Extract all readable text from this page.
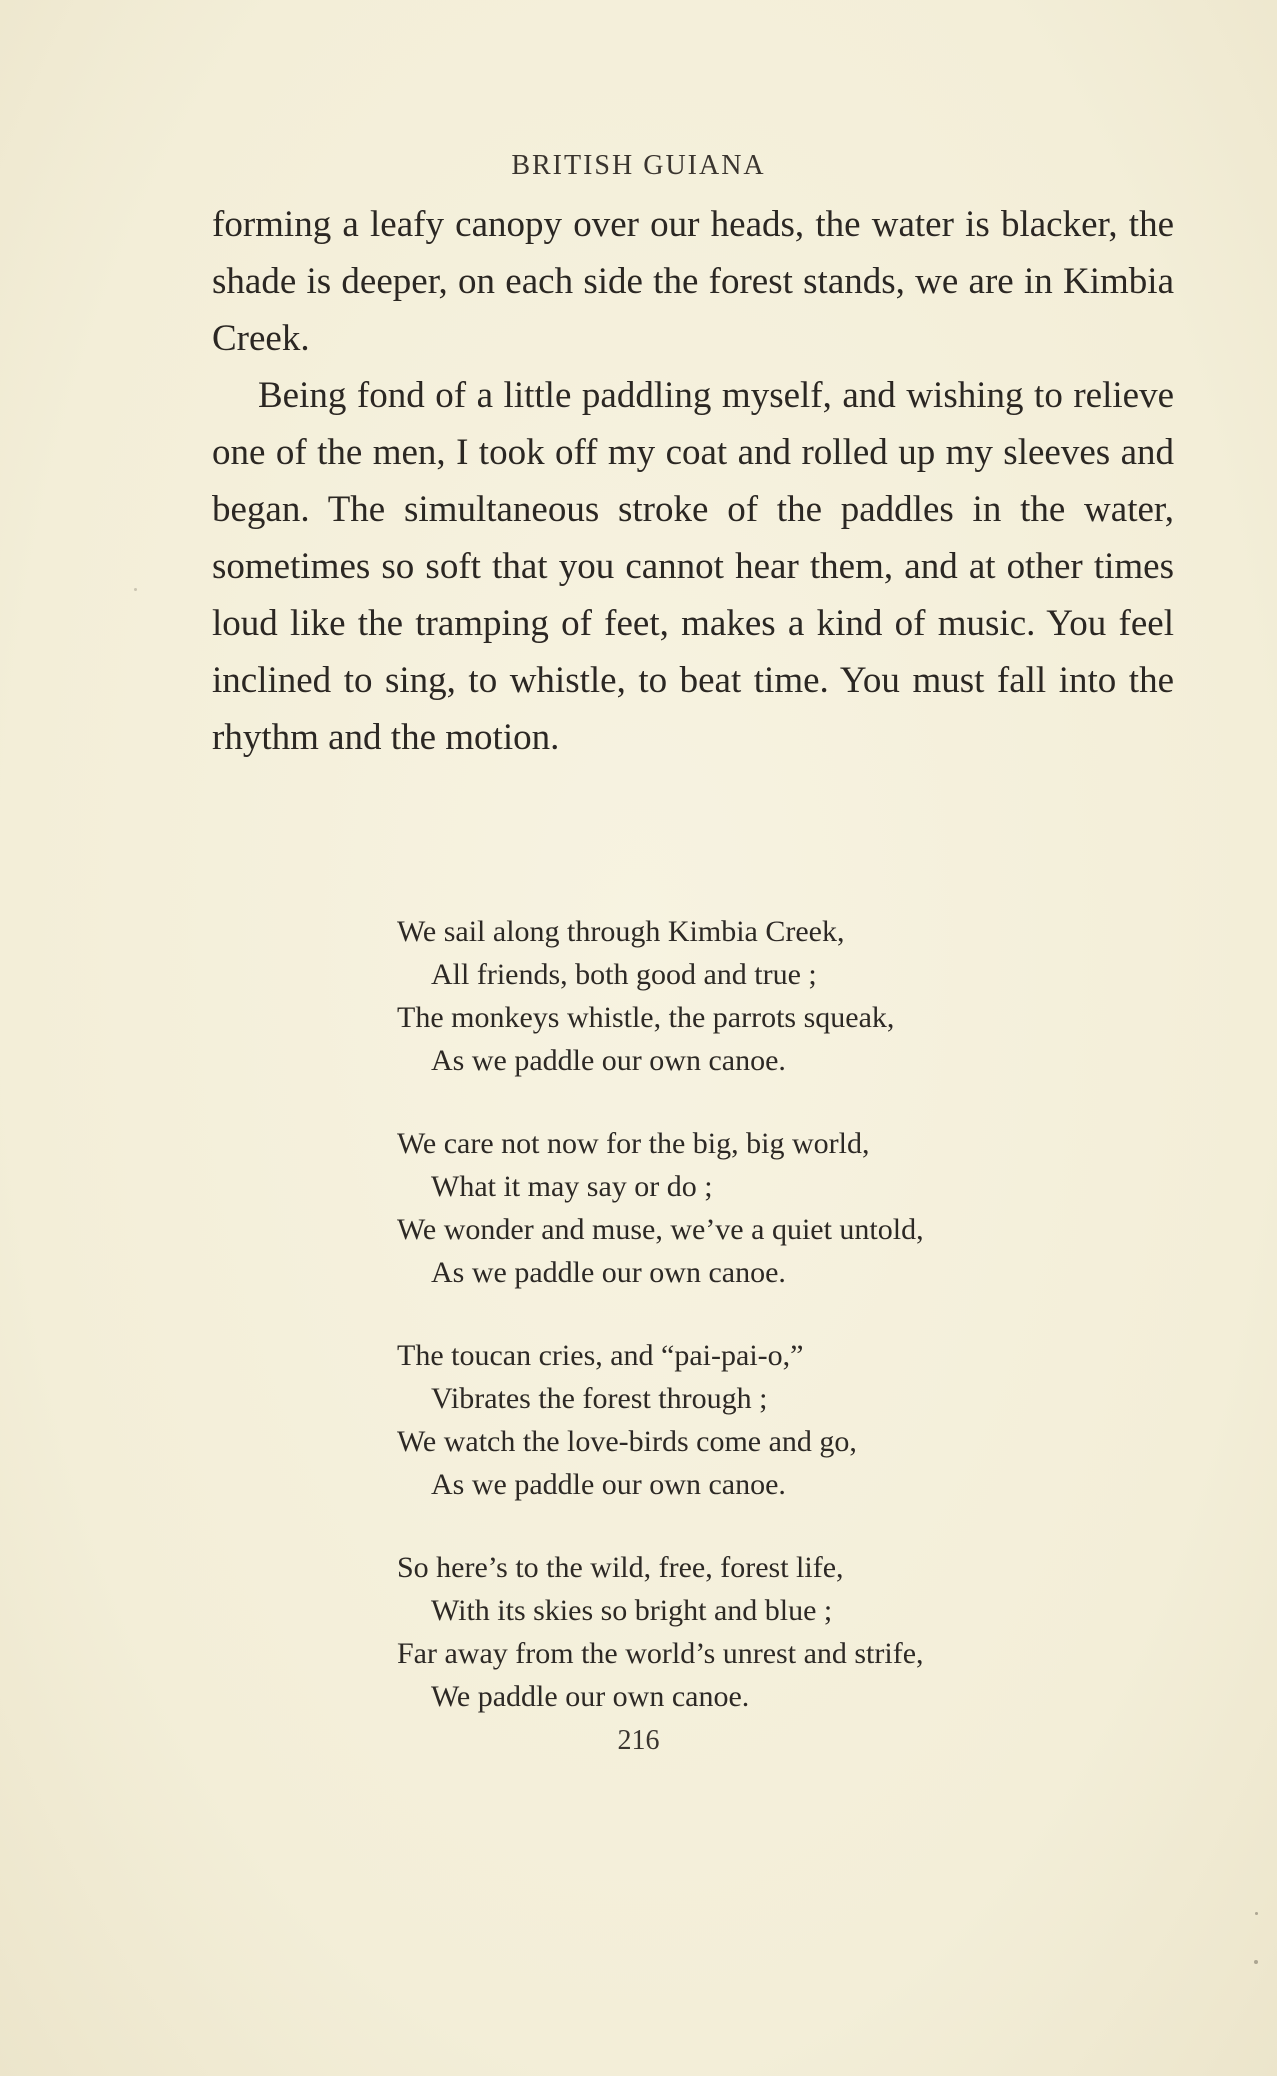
BRITISH GUIANA

forming a leafy canopy over our heads, the water is blacker, the shade is deeper, on each side the forest stands, we are in Kimbia Creek.

Being fond of a little paddling myself, and wishing to relieve one of the men, I took off my coat and rolled up my sleeves and began. The simultaneous stroke of the paddles in the water, sometimes so soft that you cannot hear them, and at other times loud like the tramping of feet, makes a kind of music. You feel inclined to sing, to whistle, to beat time. You must fall into the rhythm and the motion.

We sail along through Kimbia Creek,
All friends, both good and true ;
The monkeys whistle, the parrots squeak,
As we paddle our own canoe.
We care not now for the big, big world,
What it may say or do ;
We wonder and muse, we’ve a quiet untold,
As we paddle our own canoe.
The toucan cries, and “pai-pai-o,”
Vibrates the forest through ;
We watch the love-birds come and go,
As we paddle our own canoe.
So here’s to the wild, free, forest life,
With its skies so bright and blue ;
Far away from the world’s unrest and strife,
We paddle our own canoe.
216
